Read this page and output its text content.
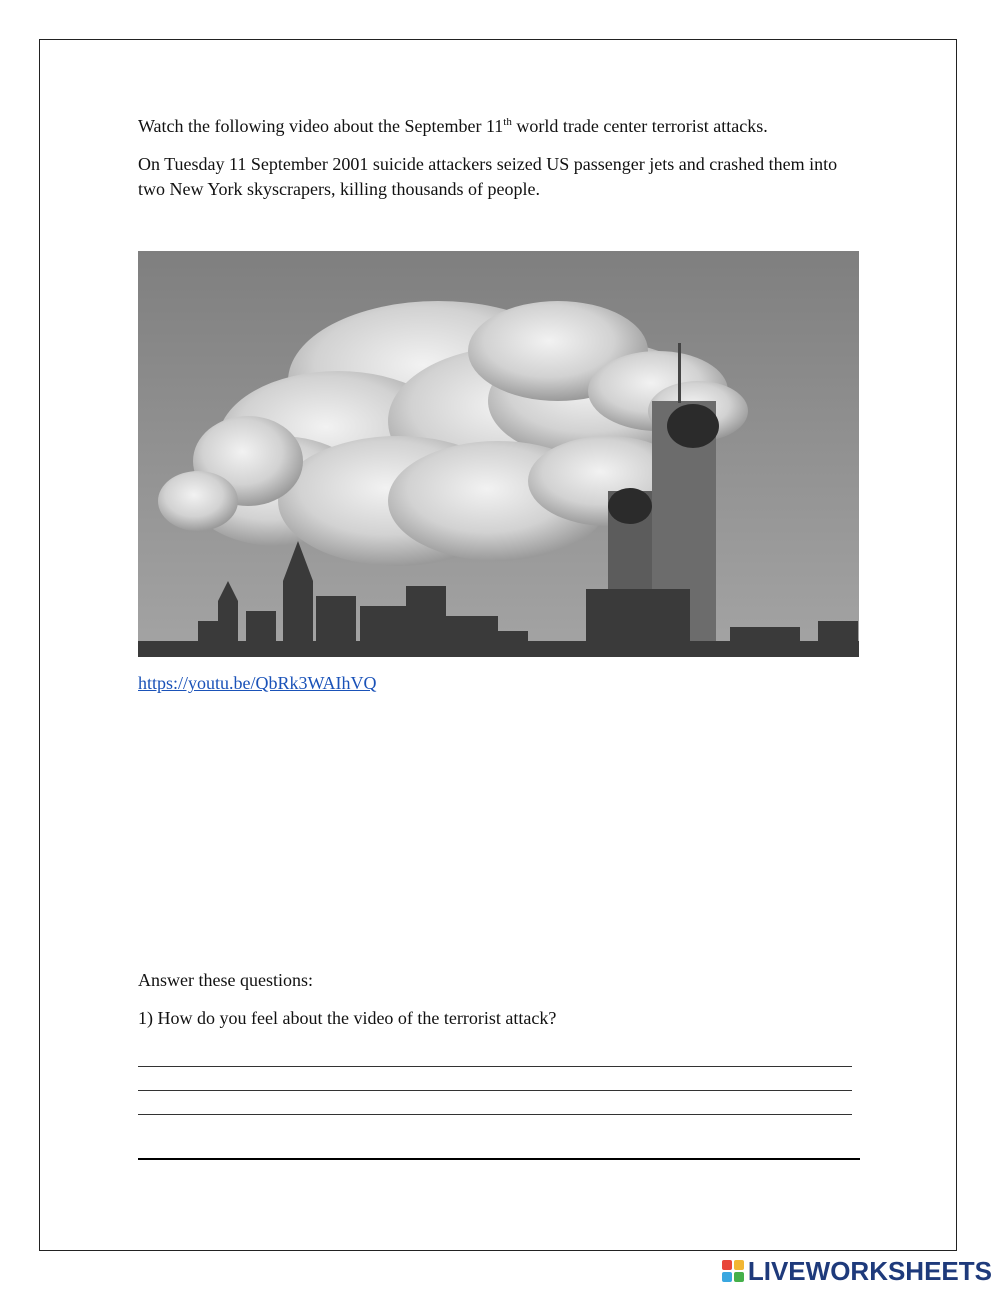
Watch the following video about the September 11th world trade center terrorist attacks.

On Tuesday 11 September 2001 suicide attackers seized US passenger jets and crashed them into two New York skyscrapers, killing thousands of people.

https://youtu.be/QbRk3WAIhVQ

Answer these questions:

1) How do you feel about the video of the terrorist attack?

LIVEWORKSHEETS
